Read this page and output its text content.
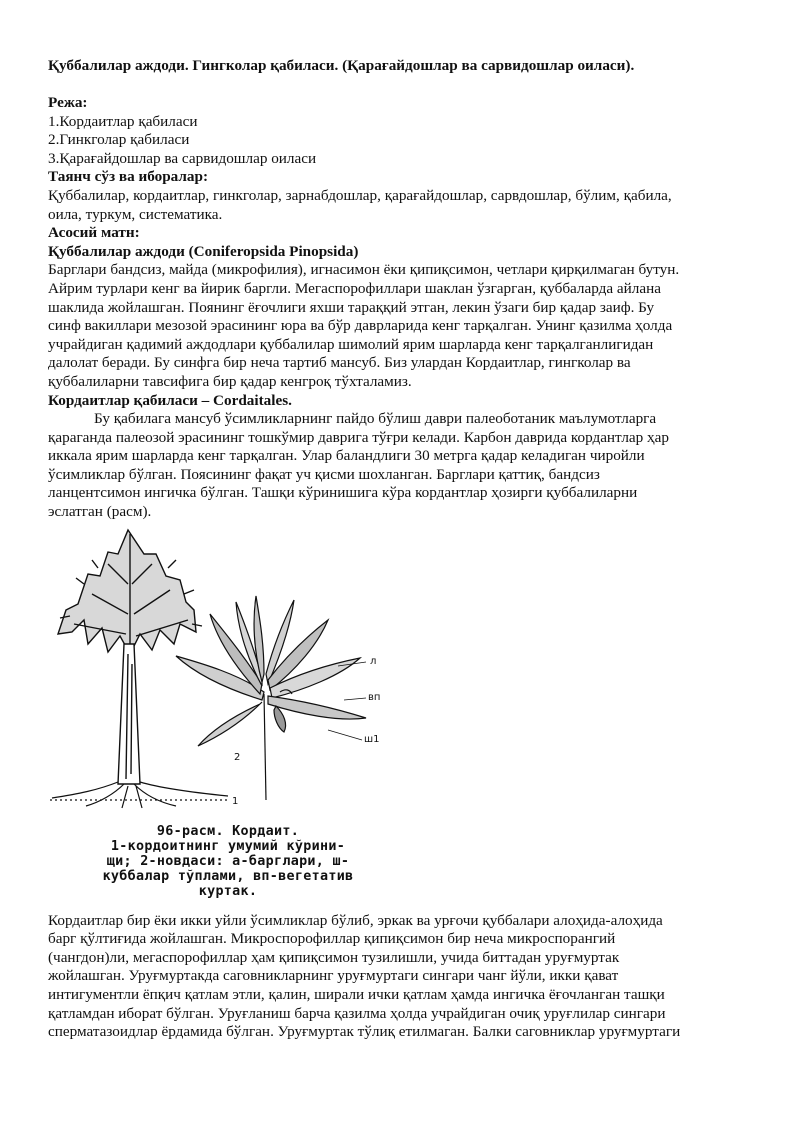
Қуббалилар аждоди. Гингколар қабиласи. (Қарағайдошлар ва сарвидошлар оиласи).

Режа:

1.Кордаитлар қабиласи

2.Гинкголар қабиласи

3.Қарағайдошлар ва сарвидошлар оиласи

Таянч сўз ва иборалар:

Қуббалилар, кордаитлар, гинкголар, зарнабдошлар, қарағайдошлар, сарвдошлар, бўлим, қабила,
оила, туркум, систематика.

Асосий матн:

Қуббалилар аждоди (Coniferopsida Pinopsida)

Барглари бандсиз, майда (микрофилия), игнасимон ёки қипиқсимон, четлари қирқилмаган бутун.
Айрим турлари кенг ва йирик баргли. Мегаспорофиллари шаклан ўзгарган, қуббаларда айлана
шаклида жойлашган. Поянинг ёғочлиги яхши тараққий этган, лекин ўзаги бир қадар заиф. Бу
синф вакиллари мезозой эрасининг юра ва бўр даврларида кенг тарқалган. Унинг қазилма ҳолда
учрайдиган қадимий аждодлари қуббалилар шимолий ярим шарларда кенг тарқалганлигидан
далолат беради. Бу синфга бир неча тартиб мансуб. Биз улардан Кордаитлар, гингколар ва
қуббалиларни тавсифига бир қадар кенгроқ тўхталамиз.

Кордаитлар қабиласи – Cordaitales.

Бу қабилага мансуб ўсимликларнинг пайдо бўлиш даври палеоботаник маълумотларга
қараганда палеозой эрасининг тошкўмир даврига тўғри келади. Карбон даврида кордантлар ҳар
иккала ярим шарларда кенг тарқалган. Улар баландлиги 30 метрга қадар келадиган чиройли
ўсимликлар бўлган. Поясининг фақат уч қисми шохланган. Барглари қаттиқ, бандсиз
ланцентсимон ингичка бўлган. Ташқи кўринишига кўра кордантлар ҳозирги қуббалиларни
эслатган (расм).
л
вп
ш1
2
1
96-расм. Кордаит.
1-кордоитнинг умумий кўрини-
щи; 2-новдаси: а-барглари, ш-
куббалар тўплами, вп-вегетатив
куртак.
Кордаитлар бир ёки икки уйли ўсимликлар бўлиб, эркак ва урғочи қуббалари алоҳида-алоҳида
барг қўлтиғида жойлашган. Микроспорофиллар қипиқсимон бир неча микроспорангий
(чангдон)ли, мегаспорофиллар ҳам қипиқсимон тузилишли, учида биттадан уруғмуртак
жойлашган. Уруғмуртакда саговникларнинг уруғмуртаги сингари чанг йўли, икки қават
интигументли ёпқич қатлам этли, қалин, ширали ички қатлам ҳамда ингичка ёғочланган ташқи
қатламдан иборат бўлган. Уруғланиш барча қазилма ҳолда учрайдиган очиқ уруғлилар сингари
сперматазоидлар ёрдамида бўлган. Уруғмуртак тўлиқ етилмаган. Балки саговниклар уруғмуртаги
